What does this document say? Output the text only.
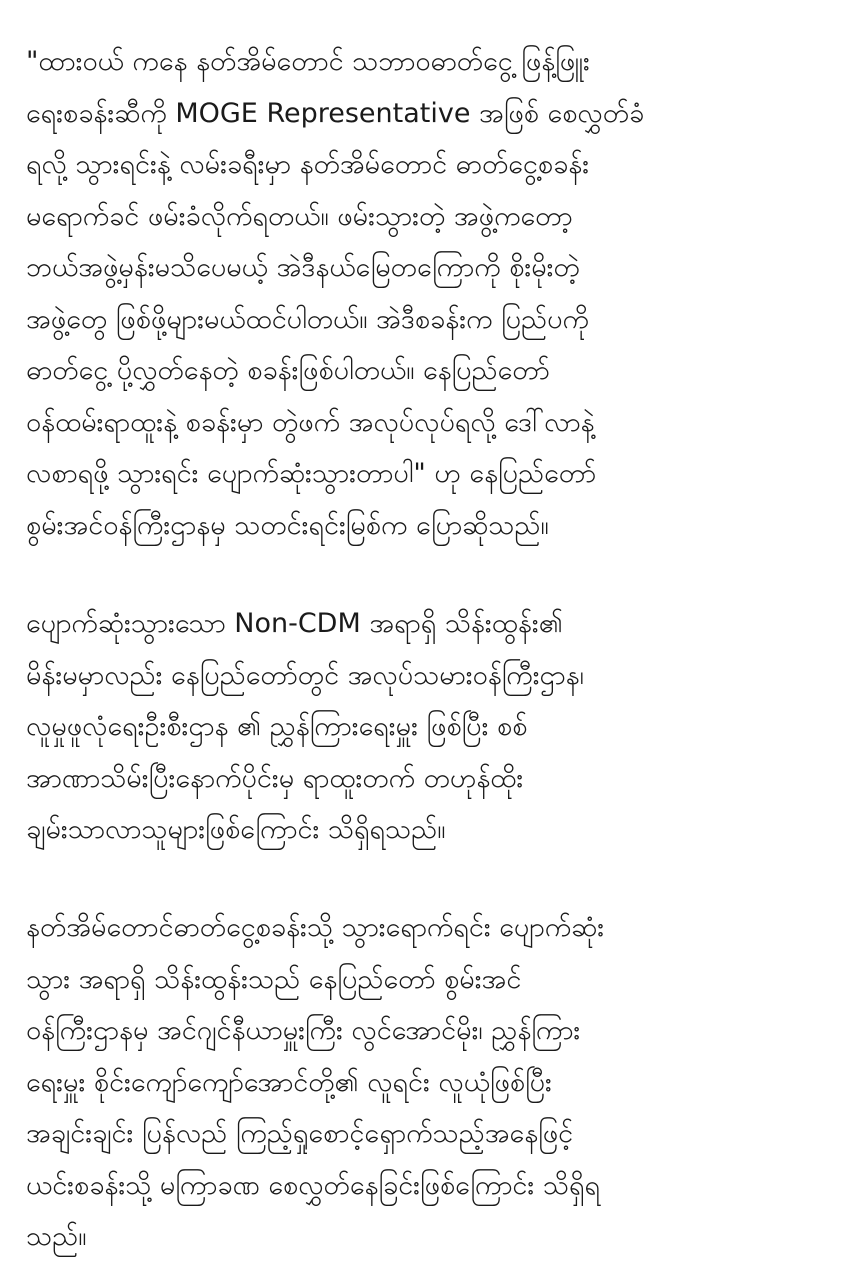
"ထားဝယ် ကနေ နတ်အိမ်တောင် သဘာဝဓာတ်ငွေ့ ဖြန့်ဖြူး
ရေးစခန်းဆီကို MOGE Representative အဖြစ် စေလွှတ်ခံ
ရလို့ သွားရင်းနဲ့ လမ်းခရီးမှာ နတ်အိမ်တောင် ဓာတ်ငွေ့စခန်း
မရောက်ခင် ဖမ်းခံလိုက်ရတယ်။ ဖမ်းသွားတဲ့ အဖွဲ့ကတော့
ဘယ်အဖွဲ့မှန်းမသိပေမယ့် အဲဒီနယ်မြေတကြောကို စိုးမိုးတဲ့
အဖွဲ့တွေ ဖြစ်ဖို့များမယ်ထင်ပါတယ်။ အဲဒီစခန်းက ပြည်ပကို
ဓာတ်ငွေ့ ပို့လွှတ်နေတဲ့ စခန်းဖြစ်ပါတယ်။ နေပြည်တော်
ဝန်ထမ်းရာထူးနဲ့ စခန်းမှာ တွဲဖက် အလုပ်လုပ်ရလို့ ဒေါ်လာနဲ့
လစာရဖို့ သွားရင်း ပျောက်ဆုံးသွားတာပါ" ဟု နေပြည်တော်
စွမ်းအင်ဝန်ကြီးဌာနမှ သတင်းရင်းမြစ်က ပြောဆိုသည်။
ပျောက်ဆုံးသွားသော Non-CDM အရာရှိ သိန်းထွန်း၏
မိန်းမမှာလည်း နေပြည်တော်တွင် အလုပ်သမားဝန်ကြီးဌာန၊
လူမှုဖူလုံရေးဦးစီးဌာန ၏ ညွှန်ကြားရေးမှူး ဖြစ်ပြီး စစ်
အာဏာသိမ်းပြီးနောက်ပိုင်းမှ ရာထူးတက် တဟုန်ထိုး
ချမ်းသာလာသူများဖြစ်ကြောင်း သိရှိရသည်။
နတ်အိမ်တောင်ဓာတ်ငွေ့စခန်းသို့ သွားရောက်ရင်း ပျောက်ဆုံး
သွား အရာရှိ သိန်းထွန်းသည် နေပြည်တော် စွမ်းအင်
ဝန်ကြီးဌာနမှ အင်ဂျင်နီယာမှူးကြီး လွင်အောင်မိုး၊ ညွှန်ကြား
ရေးမှူး စိုင်းကျော်ကျော်အောင်တို့၏ လူရင်း လူယုံဖြစ်ပြီး
အချင်းချင်း ပြန်လည် ကြည့်ရှုစောင့်ရှောက်သည့်အနေဖြင့်
ယင်းစခန်းသို့ မကြာခဏ စေလွှတ်နေခြင်းဖြစ်ကြောင်း သိရှိရ
သည်။
